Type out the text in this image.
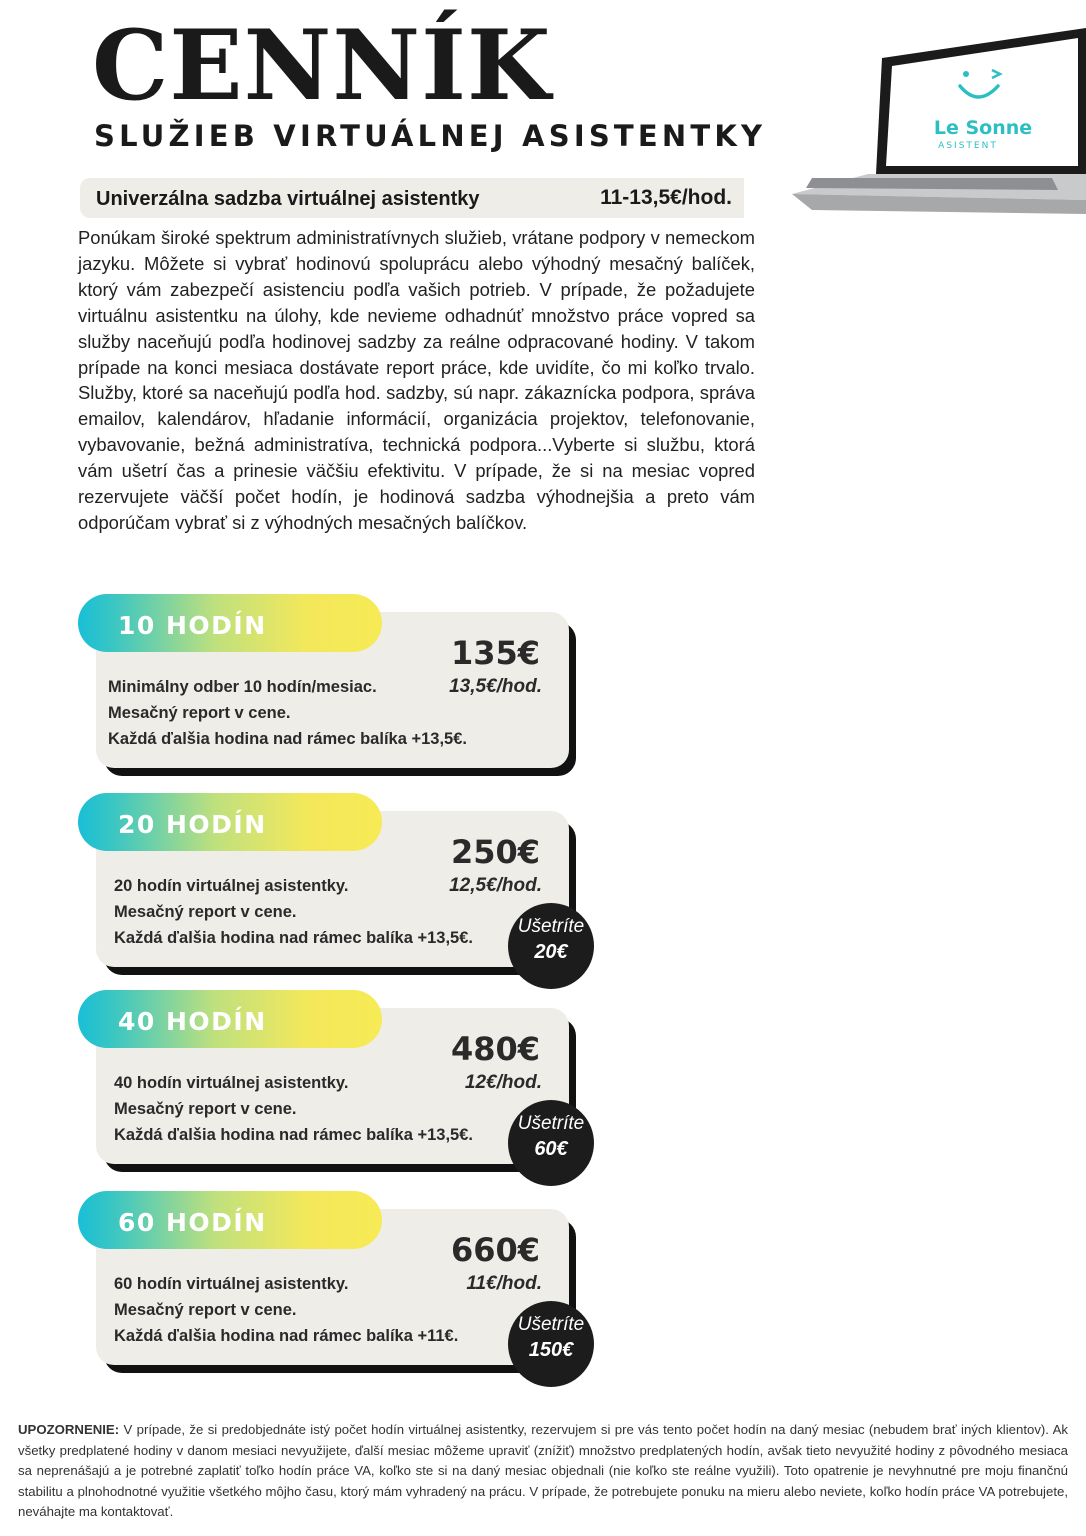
CENNÍK
SLUŽIEB VIRTUÁLNEJ ASISTENTKY	Le Sonne
ASISTENT
Univerzálna sadzba virtuálnej asistentky	11-13,5€/hod.

Ponúkam široké spektrum administratívnych služieb, vrátane podpory v nemeckom jazyku. Môžete si vybrať hodinovú spoluprácu alebo výhodný mesačný balíček, ktorý vám zabezpečí asistenciu podľa vašich potrieb. V prípade, že požadujete virtuálnu asistentku na úlohy, kde nevieme odhadnúť množstvo práce vopred sa služby naceňujú podľa hodinovej sadzby za reálne odpracované hodiny. V takom prípade na konci mesiaca dostávate report práce, kde uvidíte, čo mi koľko trvalo. Služby, ktoré sa naceňujú podľa hod. sadzby, sú napr. zákaznícka podpora, správa emailov, kalendárov, hľadanie informácií, organizácia projektov, telefonovanie, vybavovanie, bežná administratíva, technická podpora...Vyberte si službu, ktorá vám ušetrí čas a prinesie väčšiu efektivitu. V prípade, že si na mesiac vopred rezervujete väčší počet hodín, je hodinová sadzba výhodnejšia a preto vám odporúčam vybrať si z výhodných mesačných balíčkov.

10 HODÍN
135€
13,5€/hod.
Minimálny odber 10 hodín/mesiac.
Mesačný report v cene.
Každá ďalšia hodina nad rámec balíka +13,5€.
20 HODÍN
250€
12,5€/hod.
20 hodín virtuálnej asistentky.
Mesačný report v cene.
Každá ďalšia hodina nad rámec balíka +13,5€.
Ušetríte
20€
40 HODÍN
480€
12€/hod.
40 hodín virtuálnej asistentky.
Mesačný report v cene.
Každá ďalšia hodina nad rámec balíka +13,5€.
Ušetríte
60€
60 HODÍN
660€
11€/hod.
60 hodín virtuálnej asistentky.
Mesačný report v cene.
Každá ďalšia hodina nad rámec balíka +11€.
Ušetríte
150€

UPOZORNENIE: V prípade, že si predobjednáte istý počet hodín virtuálnej asistentky, rezervujem si pre vás tento počet hodín na daný mesiac (nebudem brať iných klientov). Ak všetky predplatené hodiny v danom mesiaci nevyužijete, ďalší mesiac môžeme upraviť (znížiť) množstvo predplatených hodín, avšak tieto nevyužité hodiny z pôvodného mesiaca sa neprenášajú a je potrebné zaplatiť toľko hodín práce VA, koľko ste si na daný mesiac objednali (nie koľko ste reálne využili). Toto opatrenie je nevyhnutné pre moju finančnú stabilitu a plnohodnotné využitie všetkého môjho času, ktorý mám vyhradený na prácu. V prípade, že potrebujete ponuku na mieru alebo neviete, koľko hodín práce VA potrebujete, neváhajte ma kontaktovať.
